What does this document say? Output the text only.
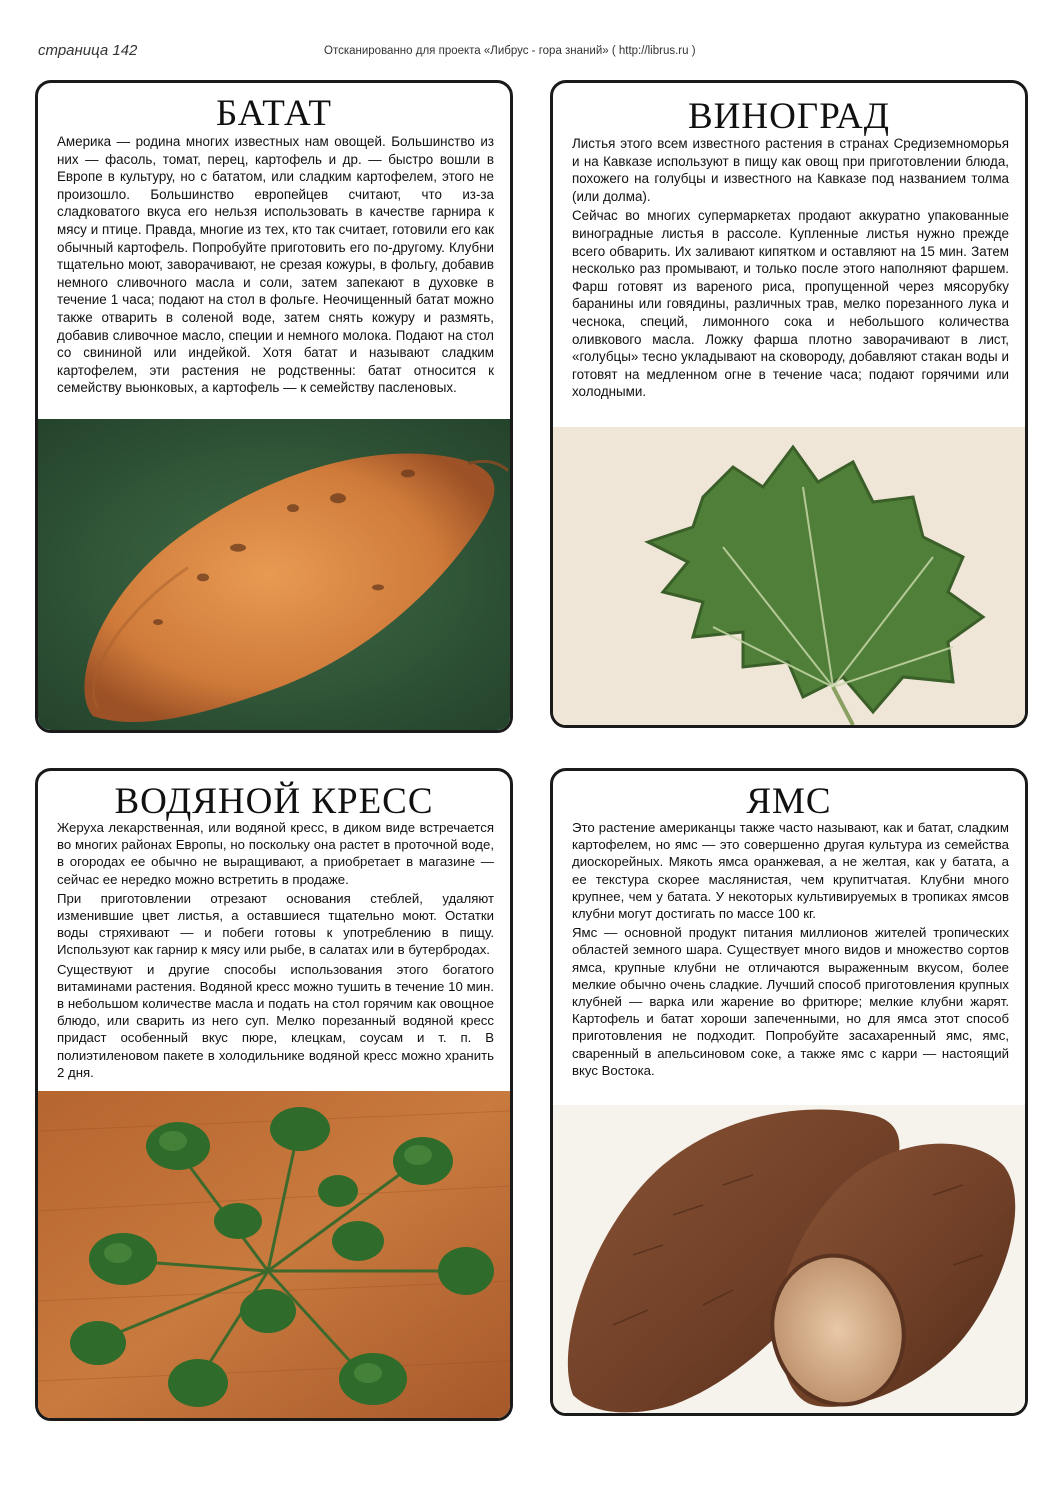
страница 142	Отсканированно для проекта «Либрус - гора знаний» ( http://librus.ru )
БАТАТ

Америка — родина многих известных нам овощей. Большинство из них — фасоль, томат, перец, картофель и др. — быстро вошли в Европе в культуру, но с бататом, или сладким картофелем, этого не произошло. Большинство европейцев считают, что из-за сладковатого вкуса его нельзя использовать в качестве гарнира к мясу и птице. Правда, многие из тех, кто так считает, готовили его как обычный картофель. Попробуйте приготовить его по-другому. Клубни тщательно моют, заворачивают, не срезая кожуры, в фольгу, добавив немного сливочного масла и соли, затем запекают в духовке в течение 1 часа; подают на стол в фольге. Неочищенный батат можно также отварить в соленой воде, затем снять кожуру и размять, добавив сливочное масло, специи и немного молока. Подают на стол со свининой или индейкой. Хотя батат и называют сладким картофелем, эти растения не родственны: батат относится к семейству вьюнковых, а картофель — к семейству пасленовых.

ВИНОГРАД

Листья этого всем известного растения в странах Средиземноморья и на Кавказе используют в пищу как овощ при приготовлении блюда, похожего на голубцы и известного на Кавказе под названием толма (или долма).

Сейчас во многих супермаркетах продают аккуратно упакованные виноградные листья в рассоле. Купленные листья нужно прежде всего обварить. Их заливают кипятком и оставляют на 15 мин. Затем несколько раз промывают, и только после этого наполняют фаршем. Фарш готовят из вареного риса, пропущенной через мясорубку баранины или говядины, различных трав, мелко порезанного лука и чеснока, специй, лимонного сока и небольшого количества оливкового масла. Ложку фарша плотно заворачивают в лист, «голубцы» тесно укладывают на сковороду, добавляют стакан воды и готовят на медленном огне в течение часа; подают горячими или холодными.

ВОДЯНОЙ КРЕСС

Жеруха лекарственная, или водяной кресс, в диком виде встречается во многих районах Европы, но поскольку она растет в проточной воде, в огородах ее обычно не выращивают, а приобретает в магазине — сейчас ее нередко можно встретить в продаже.

При приготовлении отрезают основания стеблей, удаляют изменившие цвет листья, а оставшиеся тщательно моют. Остатки воды стряхивают — и побеги готовы к употреблению в пищу. Используют как гарнир к мясу или рыбе, в салатах или в бутербродах.

Существуют и другие способы использования этого богатого витаминами растения. Водяной кресс можно тушить в течение 10 мин. в небольшом количестве масла и подать на стол горячим как овощное блюдо, или сварить из него суп. Мелко порезанный водяной кресс придаст особенный вкус пюре, клецкам, соусам и т. п. В полиэтиленовом пакете в холодильнике водяной кресс можно хранить 2 дня.

ЯМС

Это растение американцы также часто называют, как и батат, сладким картофелем, но ямс — это совершенно другая культура из семейства диоскорейных. Мякоть ямса оранжевая, а не желтая, как у батата, а ее текстура скорее маслянистая, чем крупитчатая. Клубни много крупнее, чем у батата. У некоторых культивируемых в тропиках ямсов клубни могут достигать по массе 100 кг.

Ямс — основной продукт питания миллионов жителей тропических областей земного шара. Существует много видов и множество сортов ямса, крупные клубни не отличаются выраженным вкусом, более мелкие обычно очень сладкие. Лучший способ приготовления крупных клубней — варка или жарение во фритюре; мелкие клубни жарят. Картофель и батат хороши запеченными, но для ямса этот способ приготовления не подходит. Попробуйте засахаренный ямс, ямс, сваренный в апельсиновом соке, а также ямс с карри — настоящий вкус Востока.
